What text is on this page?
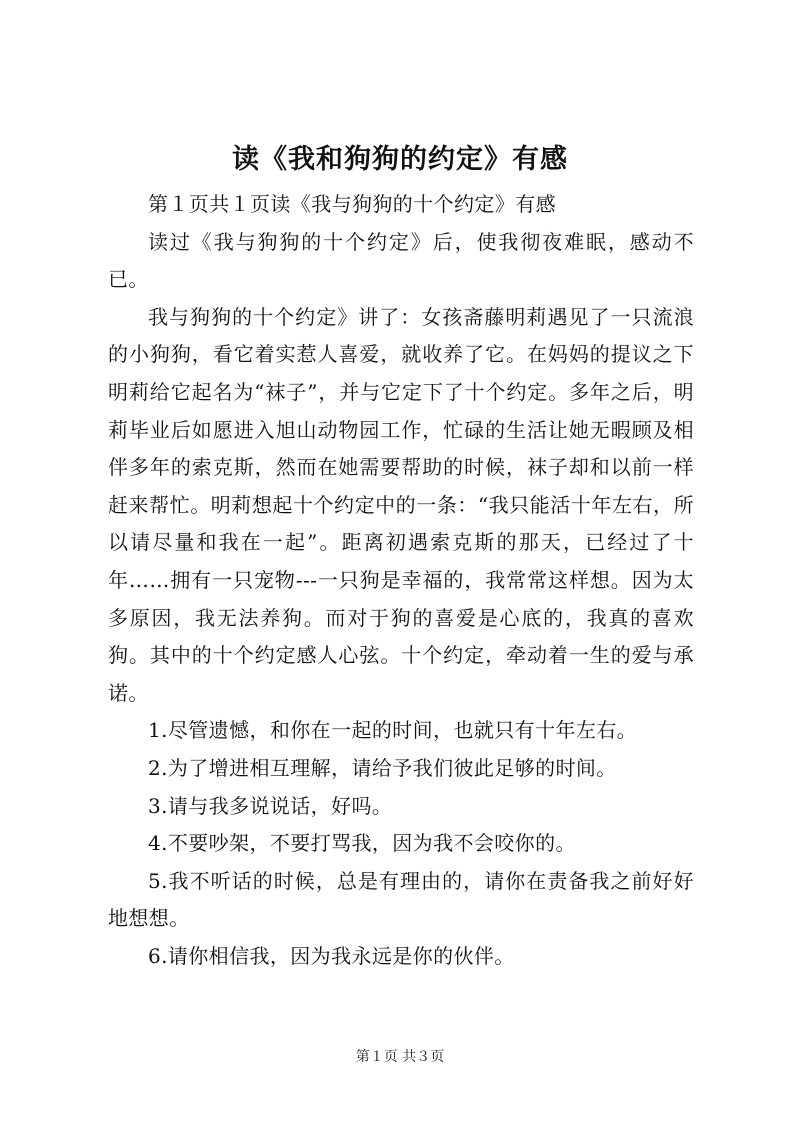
读《我和狗狗的约定》有感

第１页共１页读《我与狗狗的十个约定》有感

读过《我与狗狗的十个约定》后，使我彻夜难眠，感动不已。

我与狗狗的十个约定》讲了：女孩斋藤明莉遇见了一只流浪的小狗狗，看它着实惹人喜爱，就收养了它。在妈妈的提议之下明莉给它起名为“袜子”，并与它定下了十个约定。多年之后，明莉毕业后如愿进入旭山动物园工作，忙碌的生活让她无暇顾及相伴多年的索克斯，然而在她需要帮助的时候，袜子却和以前一样赶来帮忙。明莉想起十个约定中的一条：“我只能活十年左右，所以请尽量和我在一起”。距离初遇索克斯的那天，已经过了十年……拥有一只宠物---一只狗是幸福的，我常常这样想。因为太多原因，我无法养狗。而对于狗的喜爱是心底的，我真的喜欢狗。其中的十个约定感人心弦。十个约定，牵动着一生的爱与承诺。

1.尽管遗憾，和你在一起的时间，也就只有十年左右。

2.为了增进相互理解，请给予我们彼此足够的时间。

3.请与我多说说话，好吗。

4.不要吵架，不要打骂我，因为我不会咬你的。

5.我不听话的时候，总是有理由的，请你在责备我之前好好地想想。

6.请你相信我，因为我永远是你的伙伴。

第１页 共３页
